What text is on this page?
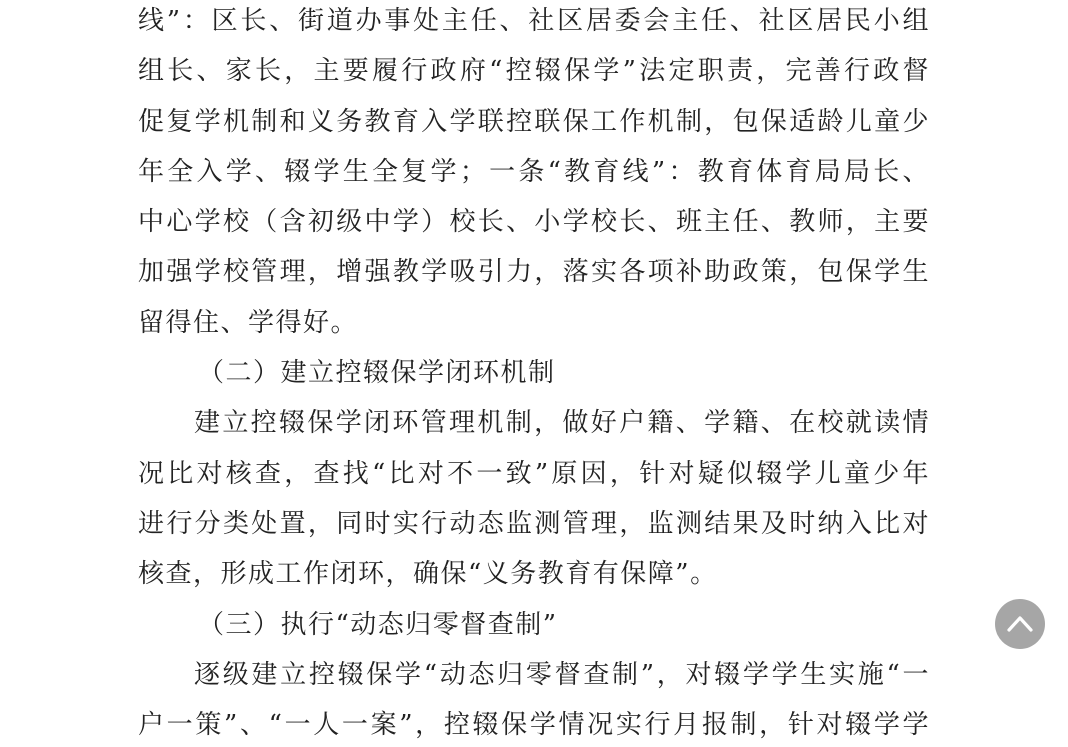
线”：区长、街道办事处主任、社区居委会主任、社区居民小组
组长、家长，主要履行政府“控辍保学”法定职责，完善行政督
促复学机制和义务教育入学联控联保工作机制，包保适龄儿童少
年全入学、辍学生全复学；一条“教育线”：教育体育局局长、
中心学校（含初级中学）校长、小学校长、班主任、教师，主要
加强学校管理，增强教学吸引力，落实各项补助政策，包保学生
留得住、学得好。
（二）建立控辍保学闭环机制
建立控辍保学闭环管理机制，做好户籍、学籍、在校就读情
况比对核查，查找“比对不一致”原因，针对疑似辍学儿童少年
进行分类处置，同时实行动态监测管理，监测结果及时纳入比对
核查，形成工作闭环，确保“义务教育有保障”。
（三）执行“动态归零督查制”
逐级建立控辍保学“动态归零督查制”，对辍学学生实施“一
户一策”、“一人一案”，控辍保学情况实行月报制，针对辍学学
